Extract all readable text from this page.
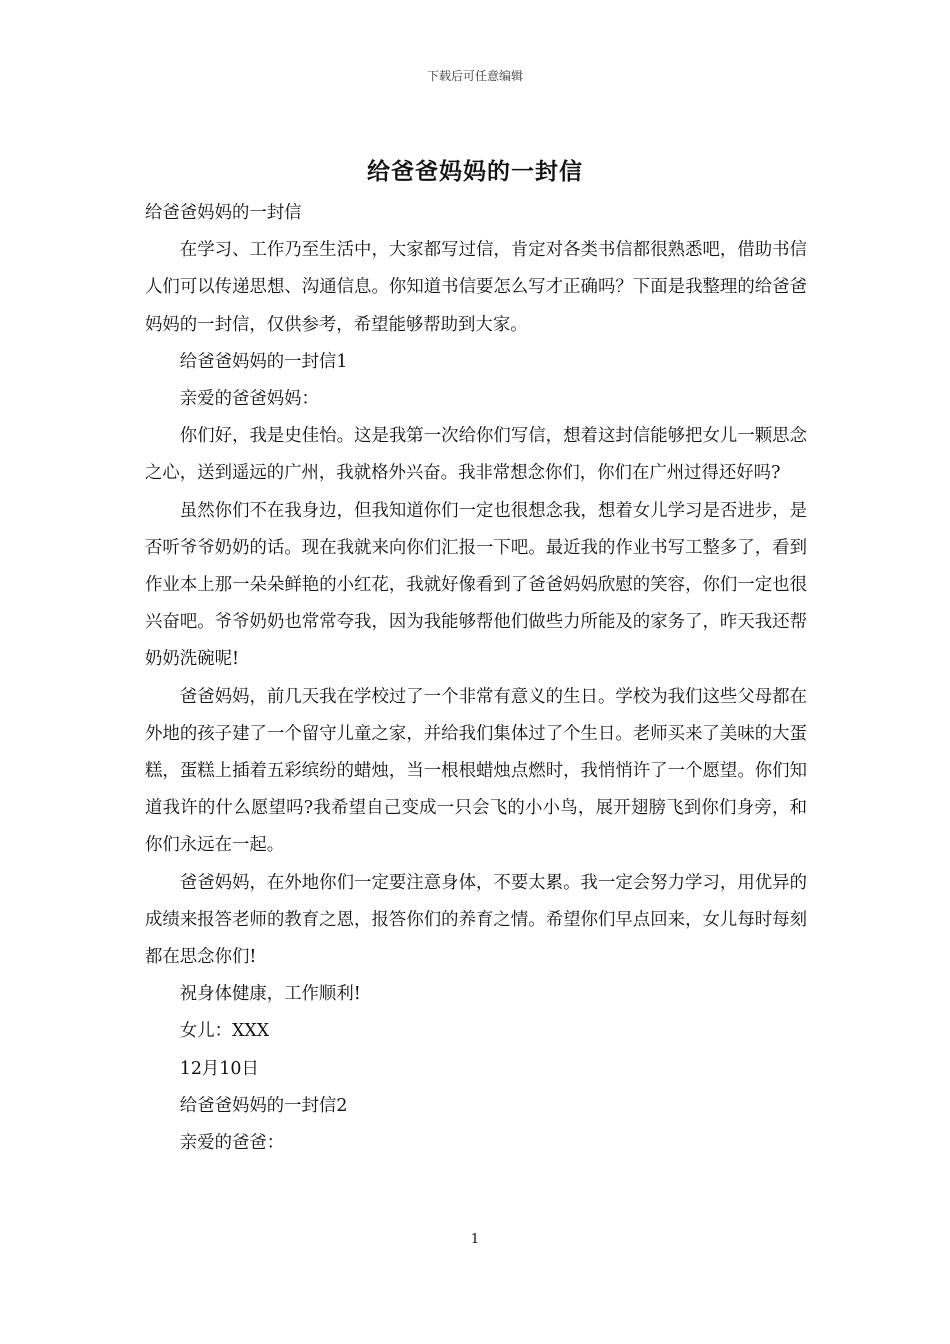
下载后可任意编辑
给爸爸妈妈的一封信

给爸爸妈妈的一封信

在学习、工作乃至生活中，大家都写过信，肯定对各类书信都很熟悉吧，借助书信人们可以传递思想、沟通信息。你知道书信要怎么写才正确吗？下面是我整理的给爸爸妈妈的一封信，仅供参考，希望能够帮助到大家。

给爸爸妈妈的一封信1

亲爱的爸爸妈妈：

你们好，我是史佳怡。这是我第一次给你们写信，想着这封信能够把女儿一颗思念之心，送到遥远的广州，我就格外兴奋。我非常想念你们，你们在广州过得还好吗?

虽然你们不在我身边，但我知道你们一定也很想念我，想着女儿学习是否进步，是否听爷爷奶奶的话。现在我就来向你们汇报一下吧。最近我的作业书写工整多了，看到作业本上那一朵朵鲜艳的小红花，我就好像看到了爸爸妈妈欣慰的笑容，你们一定也很兴奋吧。爷爷奶奶也常常夸我，因为我能够帮他们做些力所能及的家务了，昨天我还帮奶奶洗碗呢!

爸爸妈妈，前几天我在学校过了一个非常有意义的生日。学校为我们这些父母都在外地的孩子建了一个留守儿童之家，并给我们集体过了个生日。老师买来了美味的大蛋糕，蛋糕上插着五彩缤纷的蜡烛，当一根根蜡烛点燃时，我悄悄许了一个愿望。你们知道我许的什么愿望吗?我希望自己变成一只会飞的小小鸟，展开翅膀飞到你们身旁，和你们永远在一起。

爸爸妈妈，在外地你们一定要注意身体，不要太累。我一定会努力学习，用优异的成绩来报答老师的教育之恩，报答你们的养育之情。希望你们早点回来，女儿每时每刻都在思念你们!

祝身体健康，工作顺利!

女儿：XXX

12月10日

给爸爸妈妈的一封信2

亲爱的爸爸：

1
